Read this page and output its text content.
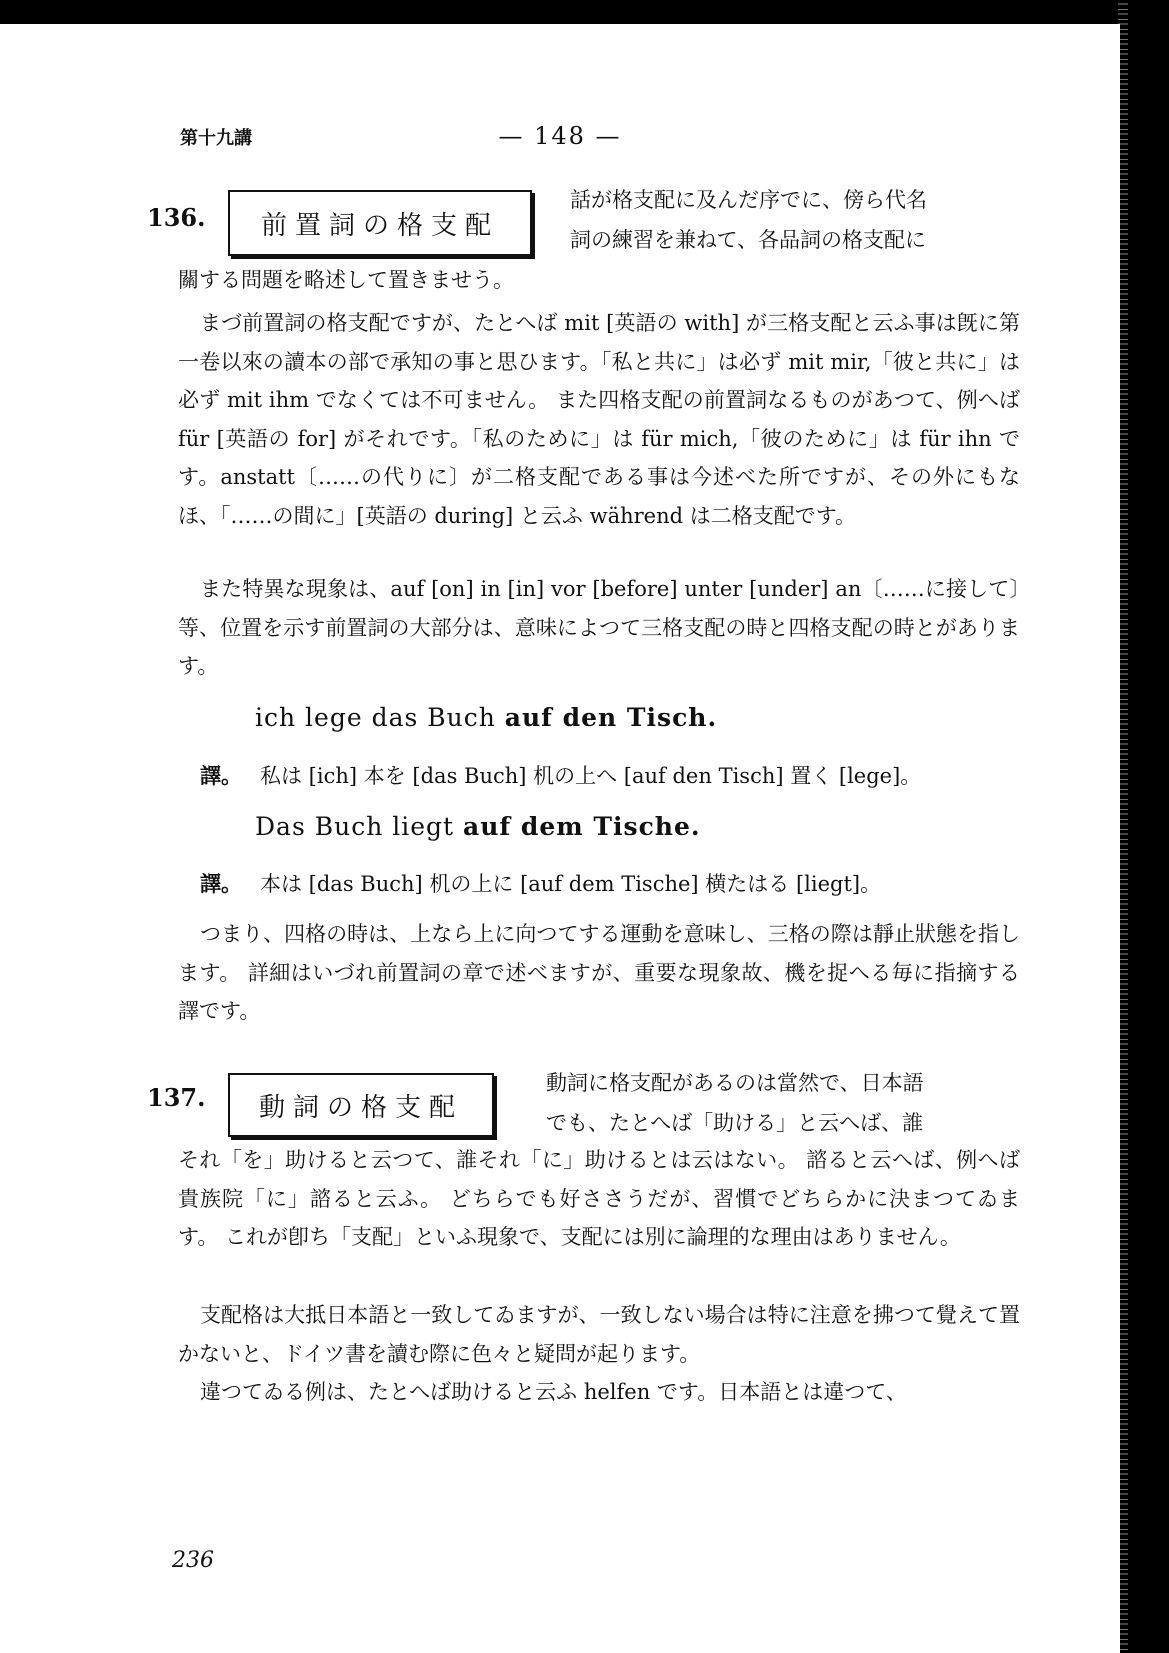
第十九講	— 148 —
136.	前置詞の格支配
話が格支配に及んだ序でに、傍ら代名
詞の練習を兼ねて、各品詞の格支配に

關する問題を略述して置きませう。

まづ前置詞の格支配ですが、たとへば mit [英語の with] が三格支配と云ふ事は旣に第一卷以來の讀本の部で承知の事と思ひます。「私と共に」は必ず mit mir,「彼と共に」は必ず mit ihm でなくては不可ません。 また四格支配の前置詞なるものがあつて、例へば für [英語の for] がそれです。「私のために」は für mich,「彼のために」は für ihn です。anstatt〔……の代りに〕が二格支配である事は今述べた所ですが、その外にもなほ、「……の間に」[英語の during] と云ふ während は二格支配です。

また特異な現象は、auf [on] in [in] vor [before] unter [under] an〔……に接して〕等、位置を示す前置詞の大部分は、意味によつて三格支配の時と四格支配の時とがあります。

ich lege das Buch auf den Tisch.
譯。 私は [ich] 本を [das Buch] 机の上へ [auf den Tisch] 置く [lege]。
Das Buch liegt auf dem Tische.
譯。 本は [das Buch] 机の上に [auf dem Tische] 横たはる [liegt]。

つまり、四格の時は、上なら上に向つてする運動を意味し、三格の際は靜止狀態を指します。 詳細はいづれ前置詞の章で述べますが、重要な現象故、機を捉へる毎に指摘する譯です。

137.	動詞の格支配
動詞に格支配があるのは當然で、日本語
でも、たとへば「助ける」と云へば、誰

それ「を」助けると云つて、誰それ「に」助けるとは云はない。 諮ると云へば、例へば貴族院「に」諮ると云ふ。 どちらでも好ささうだが、習慣でどちらかに決まつてゐます。 これが卽ち「支配」といふ現象で、支配には別に論理的な理由はありません。

支配格は大抵日本語と一致してゐますが、一致しない場合は特に注意を拂つて覺えて置かないと、ドイツ書を讀む際に色々と疑問が起ります。

違つてゐる例は、たとへば助けると云ふ helfen です。日本語とは違つて、

236
